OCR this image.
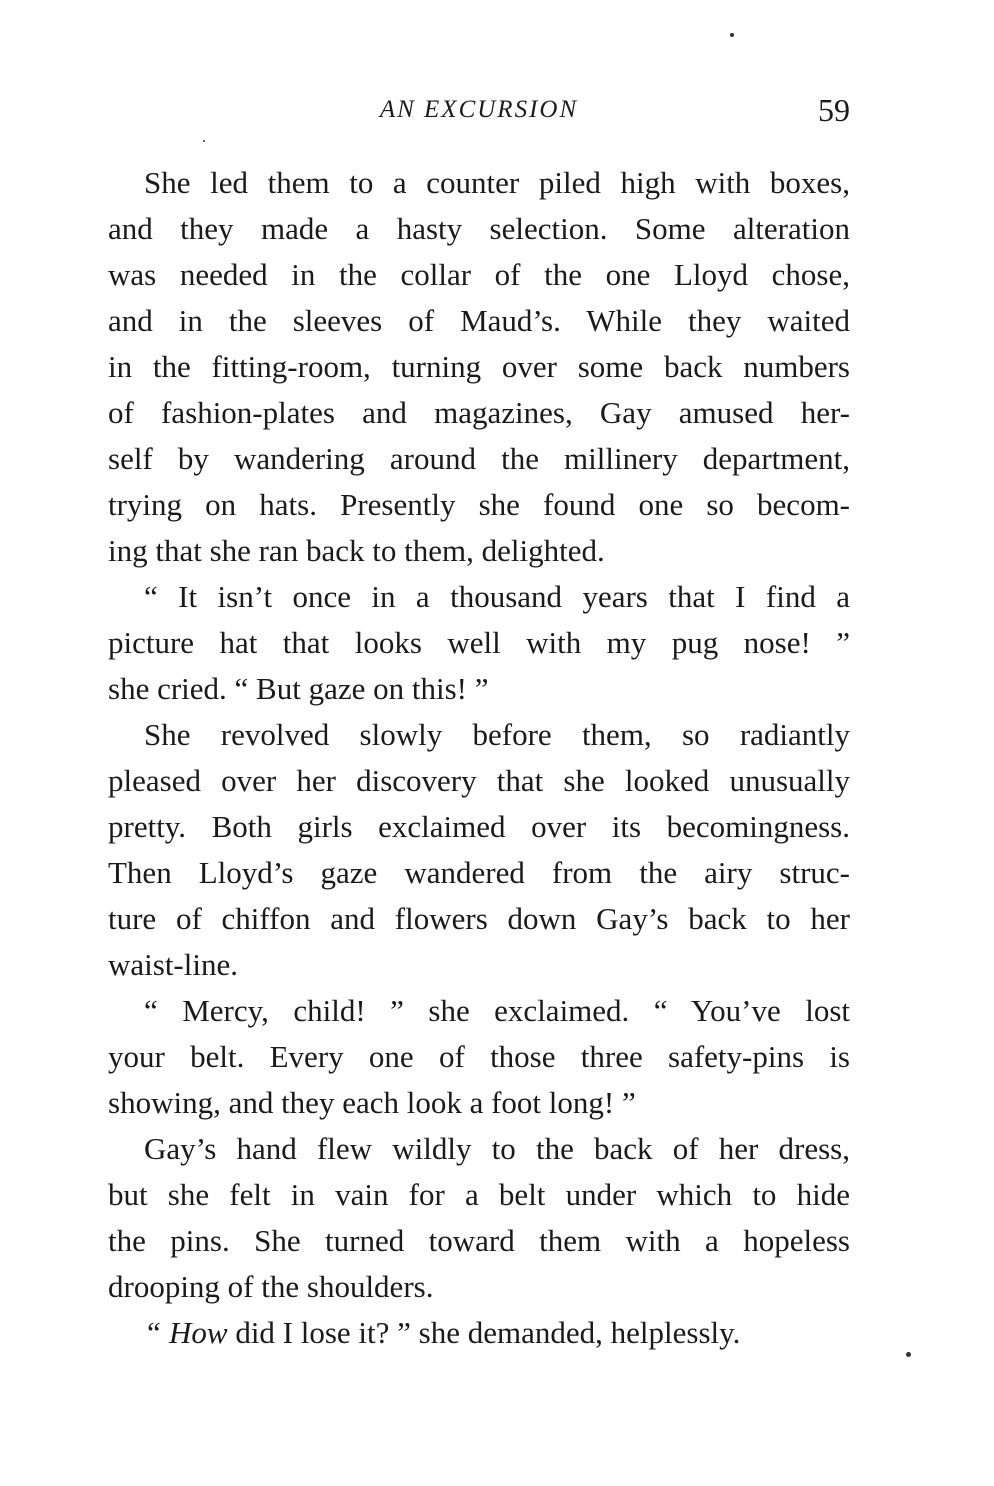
AN EXCURSION	59

She led them to a counter piled high with boxes,
and they made a hasty selection. Some alteration
was needed in the collar of the one Lloyd chose,
and in the sleeves of Maud’s. While they waited
in the fitting-room, turning over some back numbers
of fashion-plates and magazines, Gay amused her-
self by wandering around the millinery department,
trying on hats. Presently she found one so becom-
ing that she ran back to them, delighted.

“ It isn’t once in a thousand years that I find a
picture hat that looks well with my pug nose! ”
she cried. “ But gaze on this! ”

She revolved slowly before them, so radiantly
pleased over her discovery that she looked unusually
pretty. Both girls exclaimed over its becomingness.
Then Lloyd’s gaze wandered from the airy struc-
ture of chiffon and flowers down Gay’s back to her
waist-line.

“ Mercy, child! ” she exclaimed. “ You’ve lost
your belt. Every one of those three safety-pins is
showing, and they each look a foot long! ”

Gay’s hand flew wildly to the back of her dress,
but she felt in vain for a belt under which to hide
the pins. She turned toward them with a hopeless
drooping of the shoulders.

“ How did I lose it? ” she demanded, helplessly.
